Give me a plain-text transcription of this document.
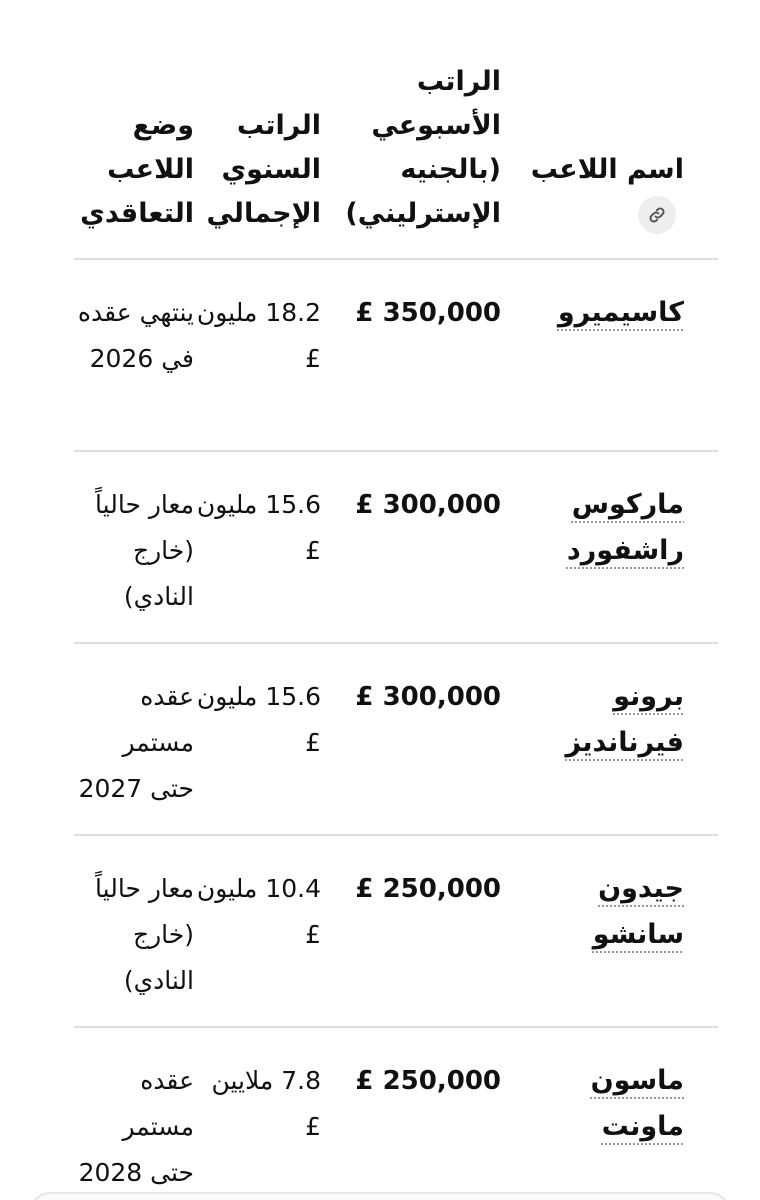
اسم اللاعب	الراتب الأسبوعي (بالجنيه الإسترليني)	الراتب السنوي الإجمالي	وضع اللاعب التعاقدي
كاسيميرو	350,000 £	18.2 مليون £	ينتهي عقده في 2026
ماركوس راشفورد	300,000 £	15.6 مليون £	معار حالياً (خارج النادي)
برونو فيرنانديز	300,000 £	15.6 مليون £	عقده مستمر حتى 2027
جيدون سانشو	250,000 £	10.4 مليون £	معار حالياً (خارج النادي)
ماسون ماونت	250,000 £	7.8 ملايين £	عقده مستمر حتى 2028
